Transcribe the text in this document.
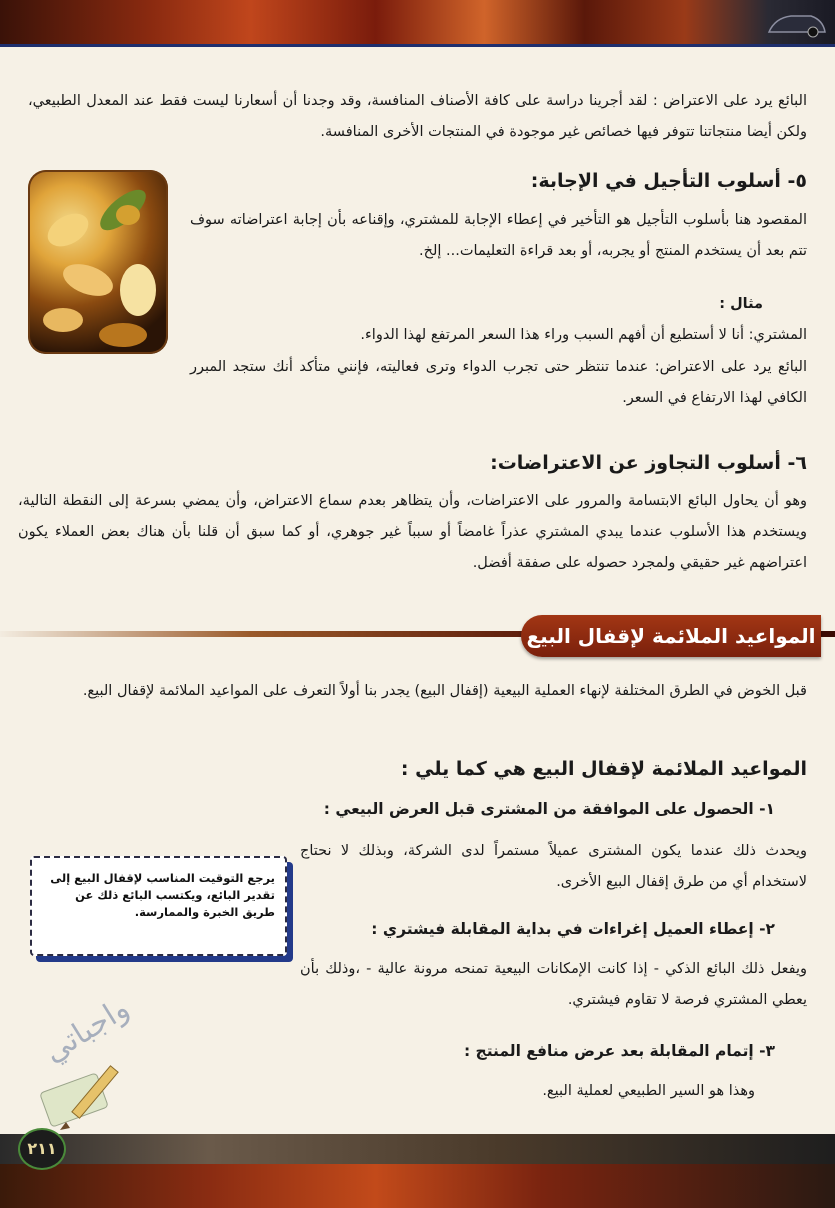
البائع يرد على الاعتراض : لقد أجرينا دراسة على كافة الأصناف المنافسة، وقد وجدنا أن أسعارنا ليست فقط عند المعدل الطبيعي، ولكن أيضا منتجاتنا تتوفر فيها خصائص غير موجودة في المنتجات الأخرى المنافسة.

٥- أسلوب التأجيل في الإجابة:

المقصود هنا بأسلوب التأجيل هو التأخير في إعطاء الإجابة للمشتري، وإقناعه بأن إجابة اعتراضاته سوف تتم بعد أن يستخدم المنتج أو يجربه، أو بعد قراءة التعليمات... إلخ.

مثال :

المشتري: أنا لا أستطيع أن أفهم السبب وراء هذا السعر المرتفع لهذا الدواء.

البائع يرد على الاعتراض: عندما تنتظر حتى تجرب الدواء وترى فعاليته، فإنني متأكد أنك ستجد المبرر الكافي لهذا الارتفاع في السعر.

٦- أسلوب التجاوز عن الاعتراضات:

وهو أن يحاول البائع الابتسامة والمرور على الاعتراضات، وأن يتظاهر بعدم سماع الاعتراض، وأن يمضي بسرعة إلى النقطة التالية، ويستخدم هذا الأسلوب عندما يبدي المشتري عذراً غامضاً أو سبباً غير جوهري، أو كما سبق أن قلنا بأن هناك بعض العملاء يكون اعتراضهم غير حقيقي ولمجرد حصوله على صفقة أفضل.

المواعيد الملائمة لإقفال البيع

قبل الخوض في الطرق المختلفة لإنهاء العملية البيعية (إقفال البيع) يجدر بنا أولاً التعرف على المواعيد الملائمة لإقفال البيع.

المواعيد الملائمة لإقفال البيع هي كما يلي :
١- الحصول على الموافقة من المشترى قبل العرض البيعي :

ويحدث ذلك عندما يكون المشترى عميلاً مستمراً لدى الشركة، وبذلك لا نحتاج لاستخدام أي من طرق إقفال البيع الأخرى.

يرجع التوقيت المناسب لإقفال البيع إلى تقدير البائع، ويكتسب البائع ذلك عن طريق الخبرة والممارسة.

٢- إعطاء العميل إغراءات في بداية المقابلة فيشتري :

ويفعل ذلك البائع الذكي - إذا كانت الإمكانات البيعية تمنحه مرونة عالية - ،وذلك بأن يعطي المشتري فرصة لا تقاوم فيشتري.

٣- إتمام المقابلة بعد عرض منافع المنتج :

وهذا هو السير الطبيعي لعملية البيع.

واجباتي
٢١١
